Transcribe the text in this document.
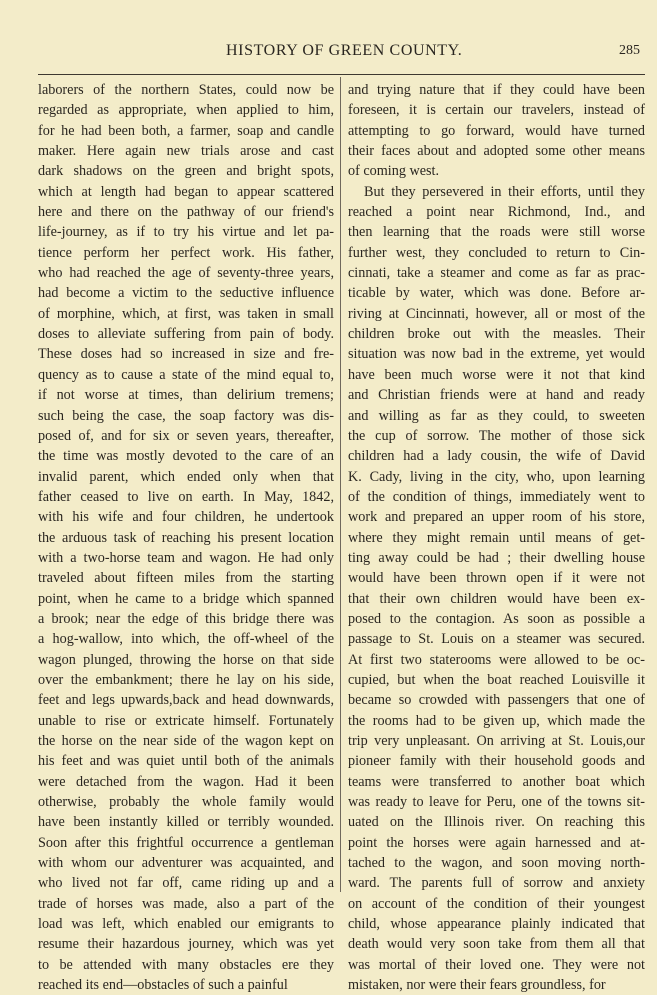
HISTORY OF GREEN COUNTY.	285
laborers of the northern States, could now be
regarded as appropriate, when applied to him,
for he had been both, a farmer, soap and candle
maker. Here again new trials arose and cast
dark shadows on the green and bright spots,
which at length had began to appear scattered
here and there on the pathway of our friend's
life-journey, as if to try his virtue and let pa-
tience perform her perfect work. His father,
who had reached the age of seventy-three years,
had become a victim to the seductive influence
of morphine, which, at first, was taken in small
doses to alleviate suffering from pain of body.
These doses had so increased in size and fre-
quency as to cause a state of the mind equal to,
if not worse at times, than delirium tremens;
such being the case, the soap factory was dis-
posed of, and for six or seven years, thereafter,
the time was mostly devoted to the care of an
invalid parent, which ended only when that
father ceased to live on earth. In May, 1842,
with his wife and four children, he undertook
the arduous task of reaching his present location
with a two-horse team and wagon. He had only
traveled about fifteen miles from the starting
point, when he came to a bridge which spanned
a brook; near the edge of this bridge there was
a hog-wallow, into which, the off-wheel of the
wagon plunged, throwing the horse on that side
over the embankment; there he lay on his side,
feet and legs upwards,back and head downwards,
unable to rise or extricate himself. Fortunately
the horse on the near side of the wagon kept on
his feet and was quiet until both of the animals
were detached from the wagon. Had it been
otherwise, probably the whole family would
have been instantly killed or terribly wounded.
Soon after this frightful occurrence a gentleman
with whom our adventurer was acquainted, and
who lived not far off, came riding up and a
trade of horses was made, also a part of the
load was left, which enabled our emigrants to
resume their hazardous journey, which was yet
to be attended with many obstacles ere they
reached its end—obstacles of such a painful
and trying nature that if they could have been
foreseen, it is certain our travelers, instead of
attempting to go forward, would have turned
their faces about and adopted some other means
of coming west.
But they persevered in their efforts, until they
reached a point near Richmond, Ind., and
then learning that the roads were still worse
further west, they concluded to return to Cin-
cinnati, take a steamer and come as far as prac-
ticable by water, which was done. Before ar-
riving at Cincinnati, however, all or most of the
children broke out with the measles. Their
situation was now bad in the extreme, yet would
have been much worse were it not that kind
and Christian friends were at hand and ready
and willing as far as they could, to sweeten
the cup of sorrow. The mother of those sick
children had a lady cousin, the wife of David
K. Cady, living in the city, who, upon learning
of the condition of things, immediately went to
work and prepared an upper room of his store,
where they might remain until means of get-
ting away could be had ; their dwelling house
would have been thrown open if it were not
that their own children would have been ex-
posed to the contagion. As soon as possible a
passage to St. Louis on a steamer was secured.
At first two staterooms were allowed to be oc-
cupied, but when the boat reached Louisville it
became so crowded with passengers that one of
the rooms had to be given up, which made the
trip very unpleasant. On arriving at St. Louis,our
pioneer family with their household goods and
teams were transferred to another boat which
was ready to leave for Peru, one of the towns sit-
uated on the Illinois river. On reaching this
point the horses were again harnessed and at-
tached to the wagon, and soon moving north-
ward. The parents full of sorrow and anxiety
on account of the condition of their youngest
child, whose appearance plainly indicated that
death would very soon take from them all that
was mortal of their loved one. They were not
mistaken, nor were their fears groundless, for
